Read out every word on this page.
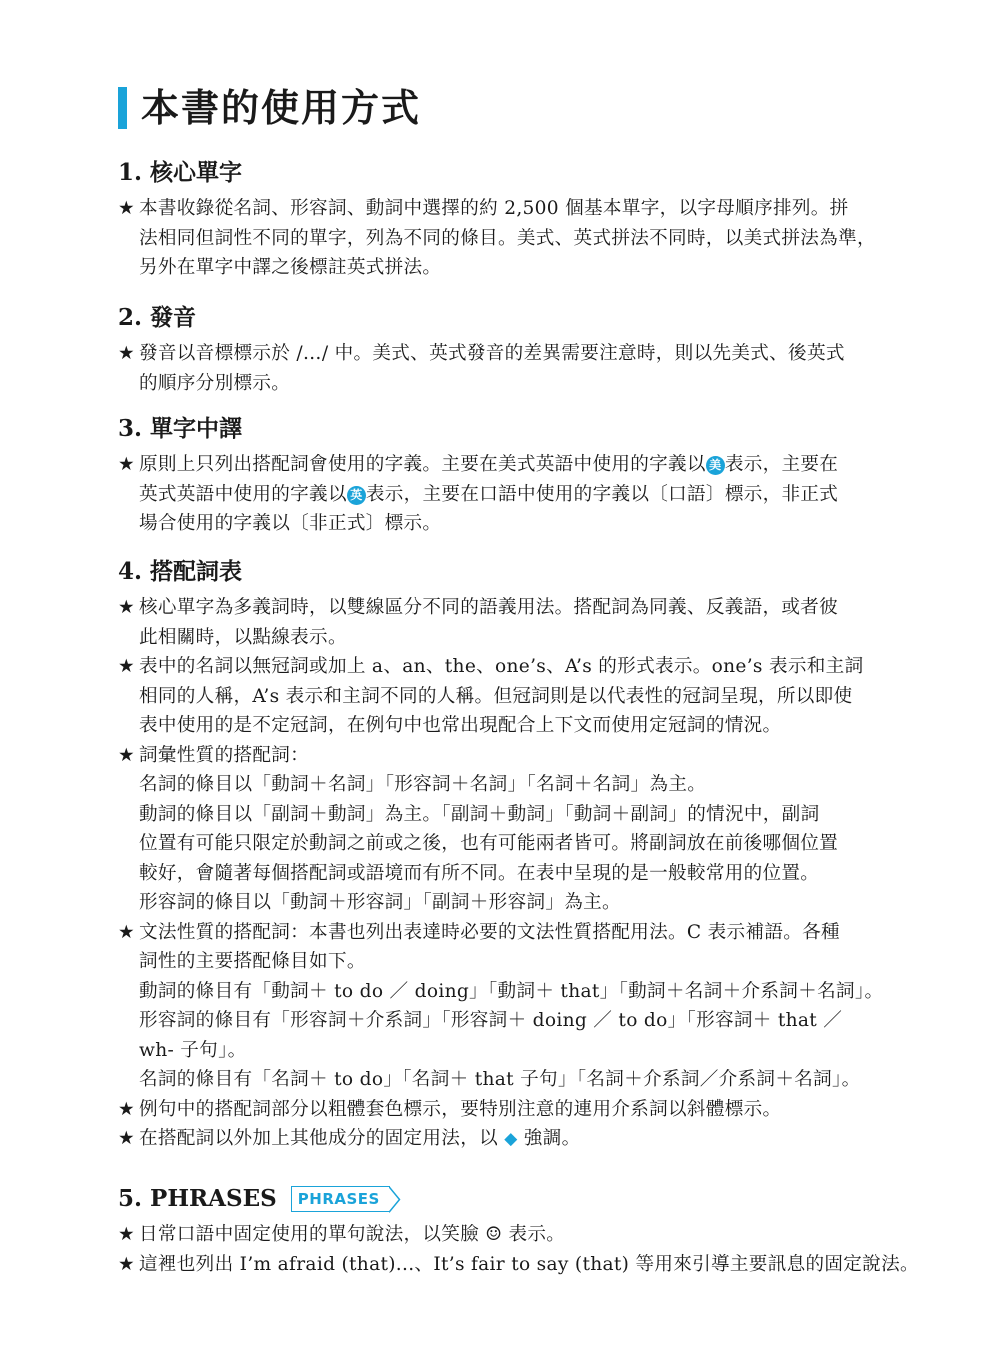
本書的使用方式
1. 核心單字
★ 本書收錄從名詞、形容詞、動詞中選擇的約 2,500 個基本單字，以字母順序排列。拼
法相同但詞性不同的單字，列為不同的條目。美式、英式拼法不同時，以美式拼法為準，
另外在單字中譯之後標註英式拼法。
2. 發音
★ 發音以音標標示於 /…/ 中。美式、英式發音的差異需要注意時，則以先美式、後英式
的順序分別標示。
3. 單字中譯
★ 原則上只列出搭配詞會使用的字義。主要在美式英語中使用的字義以 美 表示，主要在
英式英語中使用的字義以 英 表示，主要在口語中使用的字義以〔口語〕標示，非正式
場合使用的字義以〔非正式〕標示。
4. 搭配詞表
★ 核心單字為多義詞時，以雙線區分不同的語義用法。搭配詞為同義、反義語，或者彼
此相關時，以點線表示。
★ 表中的名詞以無冠詞或加上 a、an、the、one’s、A’s 的形式表示。one’s 表示和主詞
相同的人稱，A’s 表示和主詞不同的人稱。但冠詞則是以代表性的冠詞呈現，所以即使
表中使用的是不定冠詞，在例句中也常出現配合上下文而使用定冠詞的情況。
★ 詞彙性質的搭配詞：
名詞的條目以「動詞＋名詞」「形容詞＋名詞」「名詞＋名詞」為主。
動詞的條目以「副詞＋動詞」為主。「副詞＋動詞」「動詞＋副詞」的情況中，副詞
位置有可能只限定於動詞之前或之後，也有可能兩者皆可。將副詞放在前後哪個位置
較好，會隨著每個搭配詞或語境而有所不同。在表中呈現的是一般較常用的位置。
形容詞的條目以「動詞＋形容詞」「副詞＋形容詞」為主。
★ 文法性質的搭配詞：本書也列出表達時必要的文法性質搭配用法。C 表示補語。各種
詞性的主要搭配條目如下。
動詞的條目有「動詞＋ to do ／ doing」「動詞＋ that」「動詞＋名詞＋介系詞＋名詞」。
形容詞的條目有「形容詞＋介系詞」「形容詞＋ doing ／ to do」「形容詞＋ that ／
wh- 子句」。
名詞的條目有「名詞＋ to do」「名詞＋ that 子句」「名詞＋介系詞／介系詞＋名詞」。
★ 例句中的搭配詞部分以粗體套色標示，要特別注意的連用介系詞以斜體標示。
★ 在搭配詞以外加上其他成分的固定用法，以 ◆ 強調。
5. PHRASES	PHRASES
★ 日常口語中固定使用的單句說法，以笑臉 ☺ 表示。
★ 這裡也列出 I’m afraid (that)...、It’s fair to say (that) 等用來引導主要訊息的固定說法。
